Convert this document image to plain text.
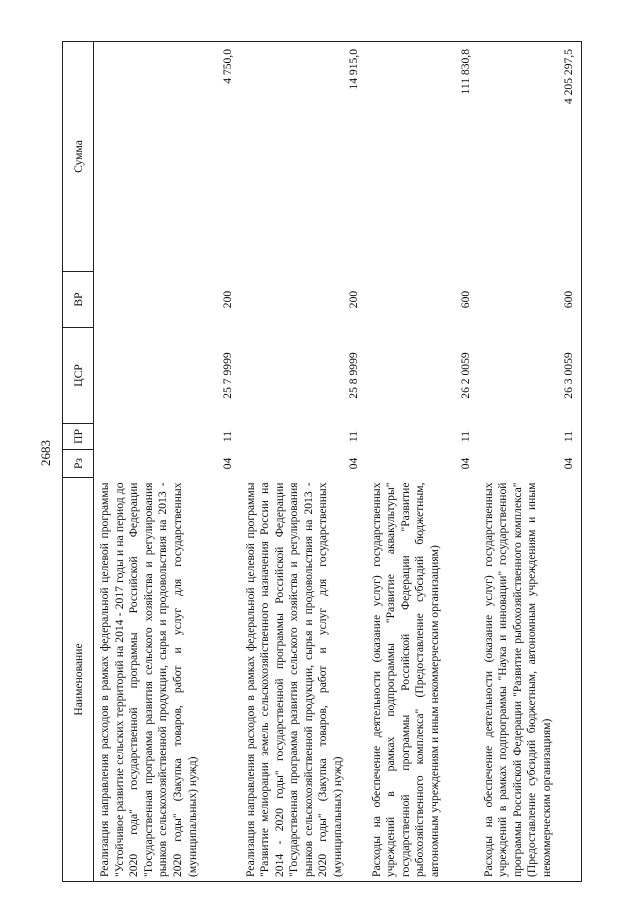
2683
Наименование	Рз	ПР	ЦСР	ВР	Сумма
Реализация направления расходов в рамках федеральной целевой программы "Устойчивое развитие сельских территорий на 2014 - 2017 годы и на период до 2020 года" государственной программы Российской Федерации "Государственная программа развития сельского хозяйства и регулирования рынков сельскохозяйственной продукции, сырья и продовольствия на 2013 - 2020 годы" (Закупка товаров, работ и услуг для государственных (муниципальных) нужд)	04	11	25 7 9999	200	4 750,0
Реализация направления расходов в рамках федеральной целевой программы "Развитие мелиорации земель сельскохозяйственного назначения России на 2014 - 2020 годы" государственной программы Российской Федерации "Государственная программа развития сельского хозяйства и регулирования рынков сельскохозяйственной продукции, сырья и продовольствия на 2013 - 2020 годы" (Закупка товаров, работ и услуг для государственных (муниципальных) нужд)	04	11	25 8 9999	200	14 915,0
Расходы на обеспечение деятельности (оказание услуг) государственных учреждений в рамках подпрограммы "Развитие аквакультуры" государственной программы Российской Федерации "Развитие рыбохозяйственного комплекса" (Предоставление субсидий бюджетным, автономным учреждениям и иным некоммерческим организациям)	04	11	26 2 0059	600	111 830,8
Расходы на обеспечение деятельности (оказание услуг) государственных учреждений в рамках подпрограммы "Наука и инновации" государственной программы Российской Федерации "Развитие рыбохозяйственного комплекса" (Предоставление субсидий бюджетным, автономным учреждениям и иным некоммерческим организациям)	04	11	26 3 0059	600	4 205 297,5
